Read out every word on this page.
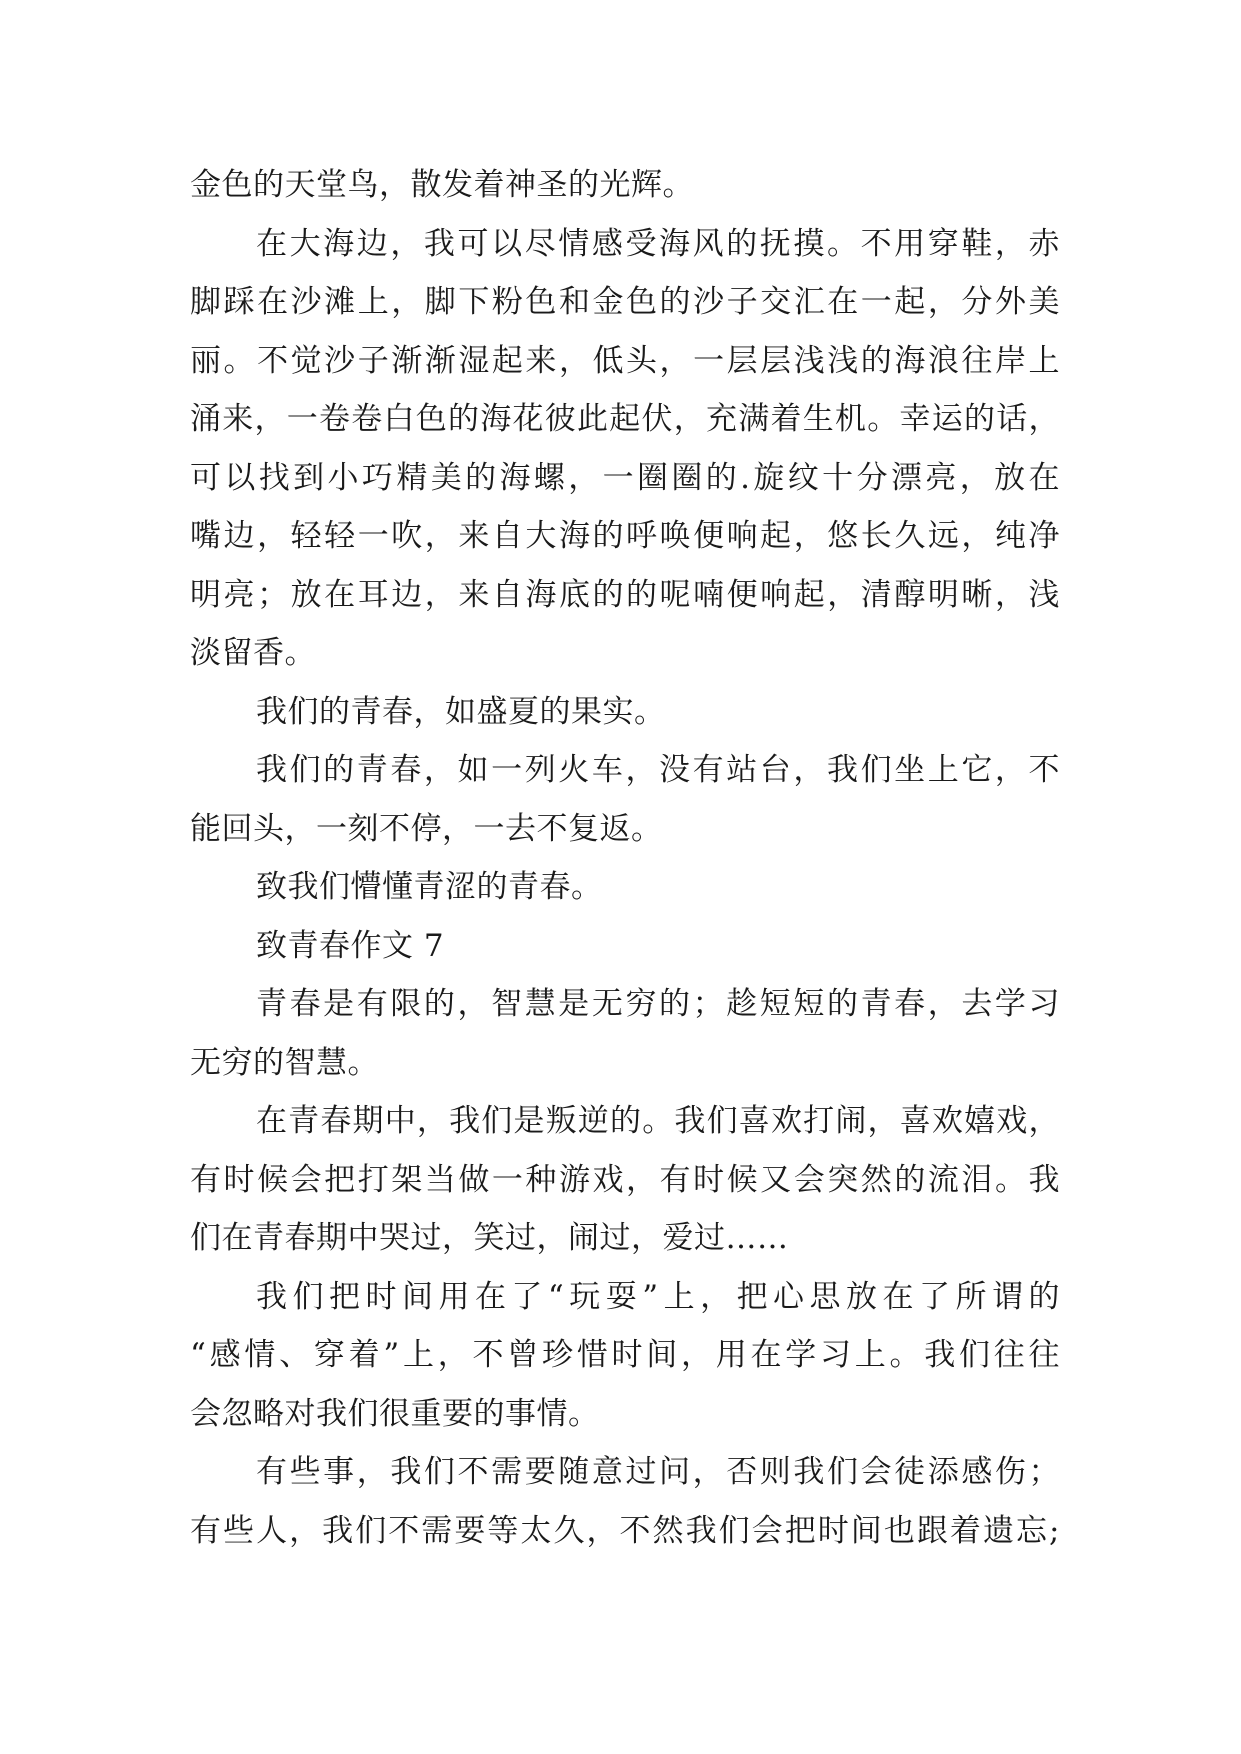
金色的天堂鸟，散发着神圣的光辉。
在大海边，我可以尽情感受海风的抚摸。不用穿鞋，赤
脚踩在沙滩上，脚下粉色和金色的沙子交汇在一起，分外美
丽。不觉沙子渐渐湿起来，低头，一层层浅浅的海浪往岸上
涌来，一卷卷白色的海花彼此起伏，充满着生机。幸运的话，
可以找到小巧精美的海螺，一圈圈的.旋纹十分漂亮，放在
嘴边，轻轻一吹，来自大海的呼唤便响起，悠长久远，纯净
明亮；放在耳边，来自海底的的呢喃便响起，清醇明晰，浅
淡留香。
我们的青春，如盛夏的果实。
我们的青春，如一列火车，没有站台，我们坐上它，不
能回头，一刻不停，一去不复返。
致我们懵懂青涩的青春。
致青春作文 7
青春是有限的，智慧是无穷的；趁短短的青春，去学习
无穷的智慧。
在青春期中，我们是叛逆的。我们喜欢打闹，喜欢嬉戏，
有时候会把打架当做一种游戏，有时候又会突然的流泪。我
们在青春期中哭过，笑过，闹过，爱过……
我们把时间用在了“玩耍”上，把心思放在了所谓的
“感情、穿着”上，不曾珍惜时间，用在学习上。我们往往
会忽略对我们很重要的事情。
有些事，我们不需要随意过问，否则我们会徒添感伤；
有些人，我们不需要等太久，不然我们会把时间也跟着遗忘;
